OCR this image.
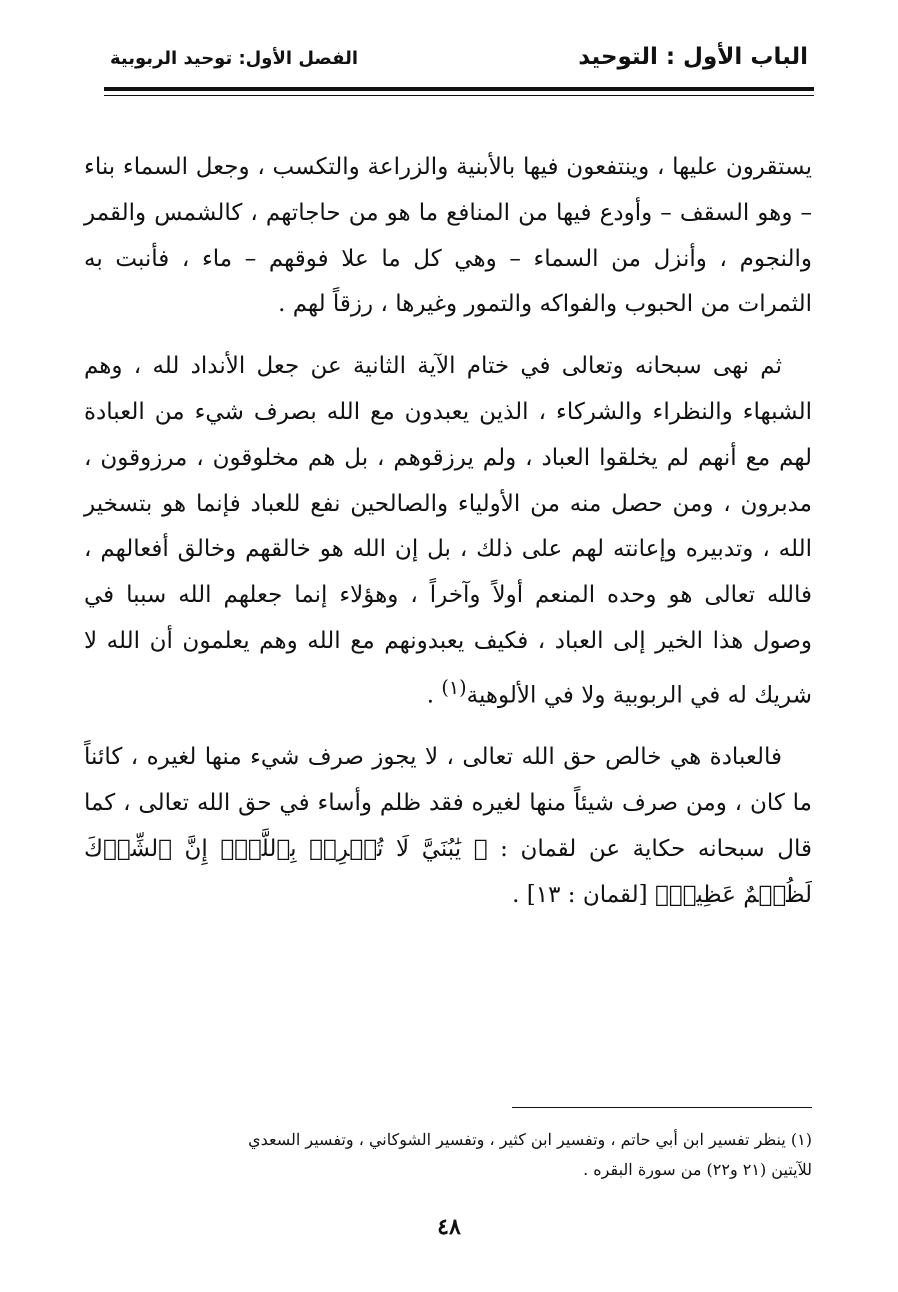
الباب الأول : التوحيد
الفصل الأول: توحيد الربوبية

يستقرون عليها ، وينتفعون فيها بالأبنية والزراعة والتكسب ، وجعل السماء بناء – وهو السقف – وأودع فيها من المنافع ما هو من حاجاتهم ، كالشمس والقمر والنجوم ، وأنزل من السماء – وهي كل ما علا فوقهم – ماء ، فأنبت به الثمرات من الحبوب والفواكه والتمور وغيرها ، رزقاً لهم .

ثم نهى سبحانه وتعالى في ختام الآية الثانية عن جعل الأنداد لله ، وهم الشبهاء والنظراء والشركاء ، الذين يعبدون مع الله بصرف شيء من العبادة لهم مع أنهم لم يخلقوا العباد ، ولم يرزقوهم ، بل هم مخلوقون ، مرزوقون ، مدبرون ، ومن حصل منه من الأولياء والصالحين نفع للعباد فإنما هو بتسخير الله ، وتدبيره وإعانته لهم على ذلك ، بل إن الله هو خالقهم وخالق أفعالهم ، فالله تعالى هو وحده المنعم أولاً وآخراً ، وهؤلاء إنما جعلهم الله سببا في وصول هذا الخير إلى العباد ، فكيف يعبدونهم مع الله وهم يعلمون أن الله لا شريك له في الربوبية ولا في الألوهية$^{(١)}$ .

فالعبادة هي خالص حق الله تعالى ، لا يجوز صرف شيء منها لغيره ، كائناً ما كان ، ومن صرف شيئاً منها لغيره فقد ظلم وأساء في حق الله تعالى ، كما قال سبحانه حكاية عن لقمان : ﴿ يَٰبُنَيَّ لَا تُشۡرِكۡ بِٱللَّهِۖ إِنَّ ٱلشِّرۡكَ لَظُلۡمٌ عَظِيمٞ﴾ [لقمان : ١٣] .

(١) ينظر تفسير ابن أبي حاتم ، وتفسير ابن كثير ، وتفسير الشوكاني ، وتفسير السعدي

للآيتين (٢١ و٢٢) من سورة البقره .

٤٨
